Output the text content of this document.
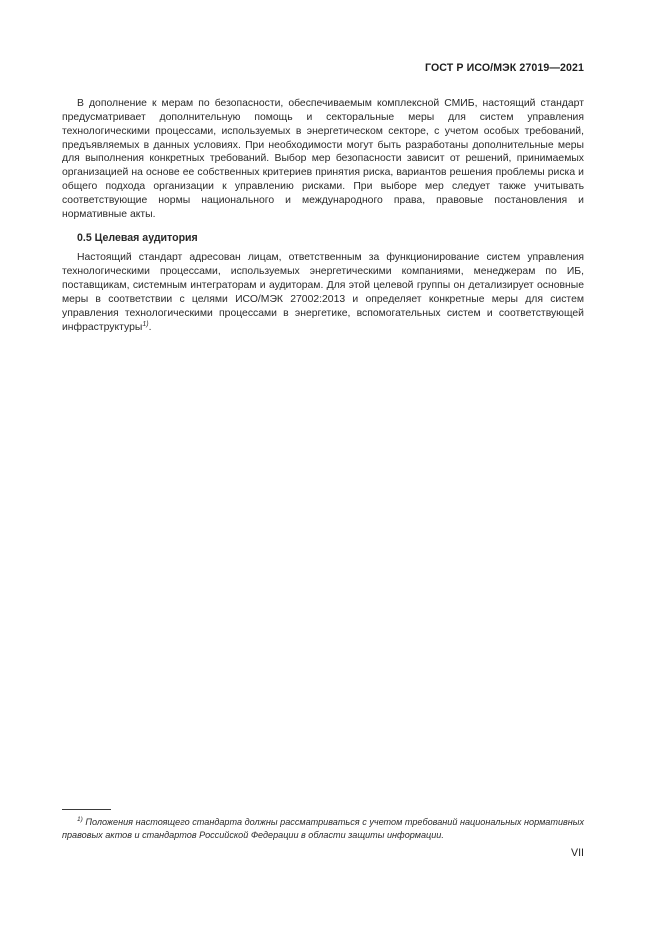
ГОСТ Р ИСО/МЭК 27019—2021

В дополнение к мерам по безопасности, обеспечиваемым комплексной СМИБ, настоящий стандарт предусматривает дополнительную помощь и секторальные меры для систем управления технологическими процессами, используемых в энергетическом секторе, с учетом особых требований, предъявляемых в данных условиях. При необходимости могут быть разработаны дополнительные меры для выполнения конкретных требований. Выбор мер безопасности зависит от решений, принимаемых организацией на основе ее собственных критериев принятия риска, вариантов решения проблемы риска и общего подхода организации к управлению рисками. При выборе мер следует также учитывать соответствующие нормы национального и международного права, правовые постановления и нормативные акты.

0.5 Целевая аудитория

Настоящий стандарт адресован лицам, ответственным за функционирование систем управления технологическими процессами, используемых энергетическими компаниями, менеджерам по ИБ, поставщикам, системным интеграторам и аудиторам. Для этой целевой группы он детализирует основные меры в соответствии с целями ИСО/МЭК 27002:2013 и определяет конкретные меры для систем управления технологическими процессами в энергетике, вспомогательных систем и соответствующей инфраструктуры$^{1)}$.

$^{1)}$ Положения настоящего стандарта должны рассматриваться с учетом требований национальных нормативных правовых актов и стандартов Российской Федерации в области защиты информации.
VII
